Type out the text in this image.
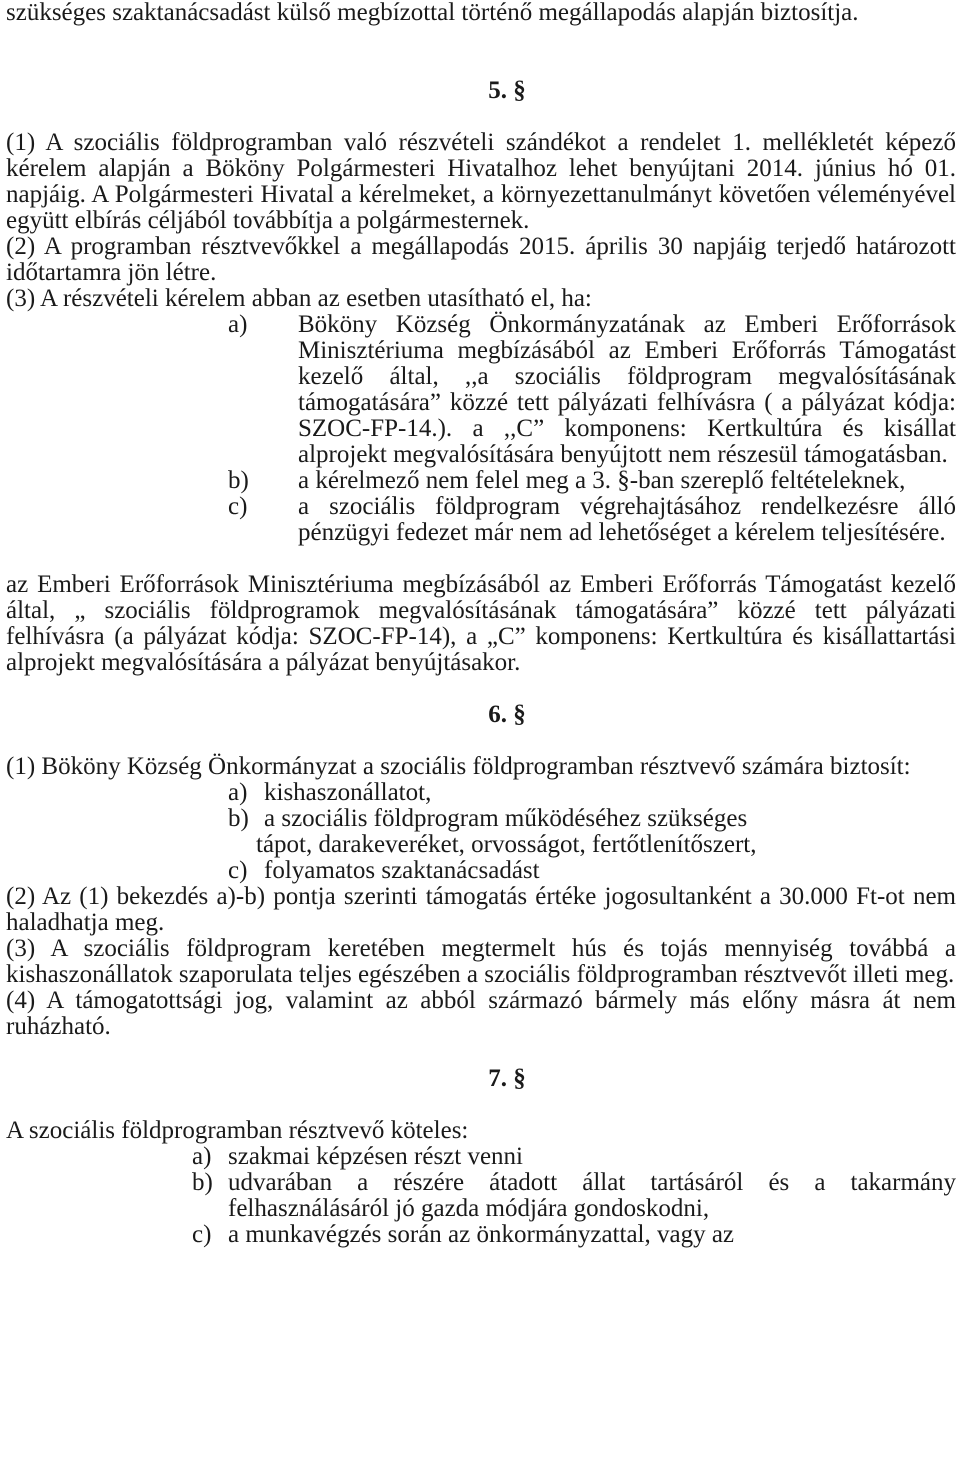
szükséges szaktanácsadást külső megbízottal történő megállapodás alapján biztosítja.

5. §

(1) A szociális földprogramban való részvételi szándékot a rendelet 1. mellékletét képező kérelem alapján a Bököny Polgármesteri Hivatalhoz lehet benyújtani 2014. június hó 01. napjáig. A Polgármesteri Hivatal a kérelmeket, a környezettanulmányt követően véleményével együtt elbírás céljából továbbítja a polgármesternek.

(2) A programban résztvevőkkel a megállapodás 2015. április 30 napjáig terjedő határozott időtartamra jön létre.

(3) A részvételi kérelem abban az esetben utasítható el, ha:

a)	Bököny Község Önkormányzatának az Emberi Erőforrások Minisztériuma megbízásából az Emberi Erőforrás Támogatást kezelő által, ,,a szociális földprogram megvalósításának támogatására” közzé tett pályázati felhívásra ( a pályázat kódja: SZOC-FP-14.). a ,,C” komponens: Kertkultúra és kisállat alprojekt megvalósítására benyújtott nem részesül támogatásban.
b)	a kérelmező nem felel meg a 3. §-ban szereplő feltételeknek,
c)	a szociális földprogram végrehajtásához rendelkezésre álló pénzügyi fedezet már nem ad lehetőséget a kérelem teljesítésére.

az Emberi Erőforrások Minisztériuma megbízásából az Emberi Erőforrás Támogatást kezelő által, „ szociális földprogramok megvalósításának támogatására” közzé tett pályázati felhívásra (a pályázat kódja: SZOC-FP-14), a „C” komponens: Kertkultúra és kisállattartási alprojekt megvalósítására a pályázat benyújtásakor.

6. §

(1) Bököny Község Önkormányzat a szociális földprogramban résztvevő számára biztosít:

a) kishaszonállatot,
b) a szociális földprogram működéséhez szükséges
tápot, darakeveréket, orvosságot, fertőtlenítőszert,
c) folyamatos szaktanácsadást

(2) Az (1) bekezdés a)-b) pontja szerinti támogatás értéke jogosultanként a 30.000 Ft-ot nem haladhatja meg.

(3) A szociális földprogram keretében megtermelt hús és tojás mennyiség továbbá a kishaszonállatok szaporulata teljes egészében a szociális földprogramban résztvevőt illeti meg.

(4) A támogatottsági jog, valamint az abból származó bármely más előny másra át nem ruházható.

7. §

A szociális földprogramban résztvevő köteles:

a) szakmai képzésen részt venni
b) udvarában a részére átadott állat tartásáról és a takarmány felhasználásáról jó gazda módjára gondoskodni,
c) a munkavégzés során az önkormányzattal, vagy az
